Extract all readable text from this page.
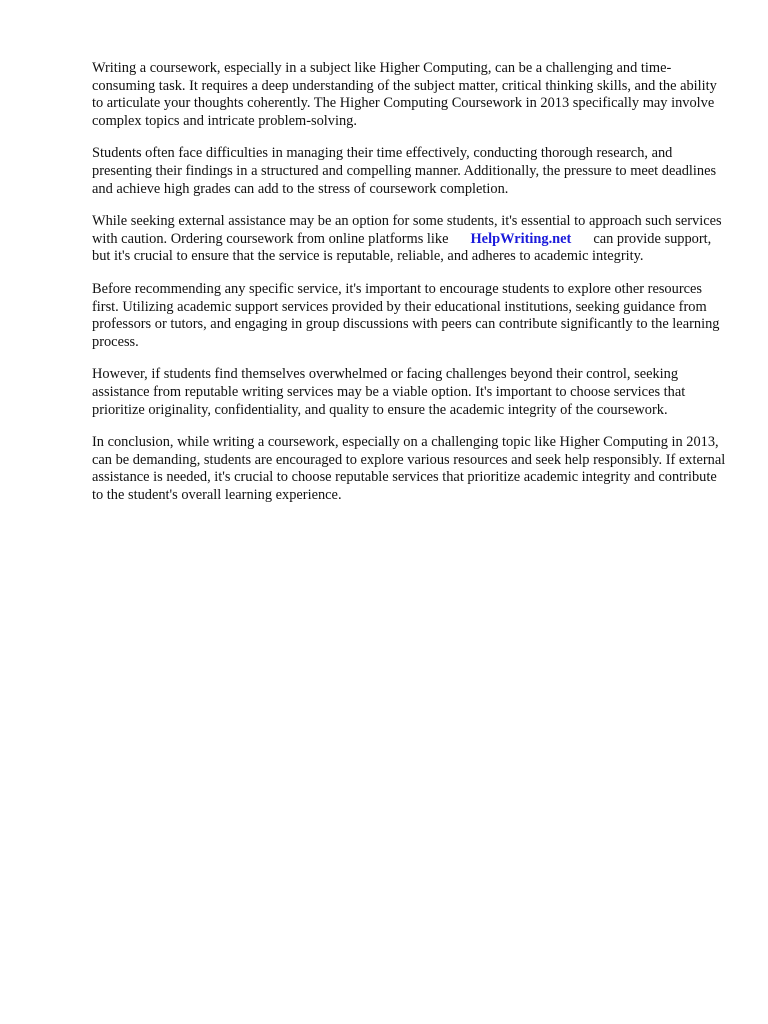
Writing a coursework, especially in a subject like Higher Computing, can be a challenging and time-consuming task. It requires a deep understanding of the subject matter, critical thinking skills, and the ability to articulate your thoughts coherently. The Higher Computing Coursework in 2013 specifically may involve complex topics and intricate problem-solving.

Students often face difficulties in managing their time effectively, conducting thorough research, and presenting their findings in a structured and compelling manner. Additionally, the pressure to meet deadlines and achieve high grades can add to the stress of coursework completion.

While seeking external assistance may be an option for some students, it's essential to approach such services with caution. Ordering coursework from online platforms like HelpWriting.net can provide support, but it's crucial to ensure that the service is reputable, reliable, and adheres to academic integrity.

Before recommending any specific service, it's important to encourage students to explore other resources first. Utilizing academic support services provided by their educational institutions, seeking guidance from professors or tutors, and engaging in group discussions with peers can contribute significantly to the learning process.

However, if students find themselves overwhelmed or facing challenges beyond their control, seeking assistance from reputable writing services may be a viable option. It's important to choose services that prioritize originality, confidentiality, and quality to ensure the academic integrity of the coursework.

In conclusion, while writing a coursework, especially on a challenging topic like Higher Computing in 2013, can be demanding, students are encouraged to explore various resources and seek help responsibly. If external assistance is needed, it's crucial to choose reputable services that prioritize academic integrity and contribute to the student's overall learning experience.
